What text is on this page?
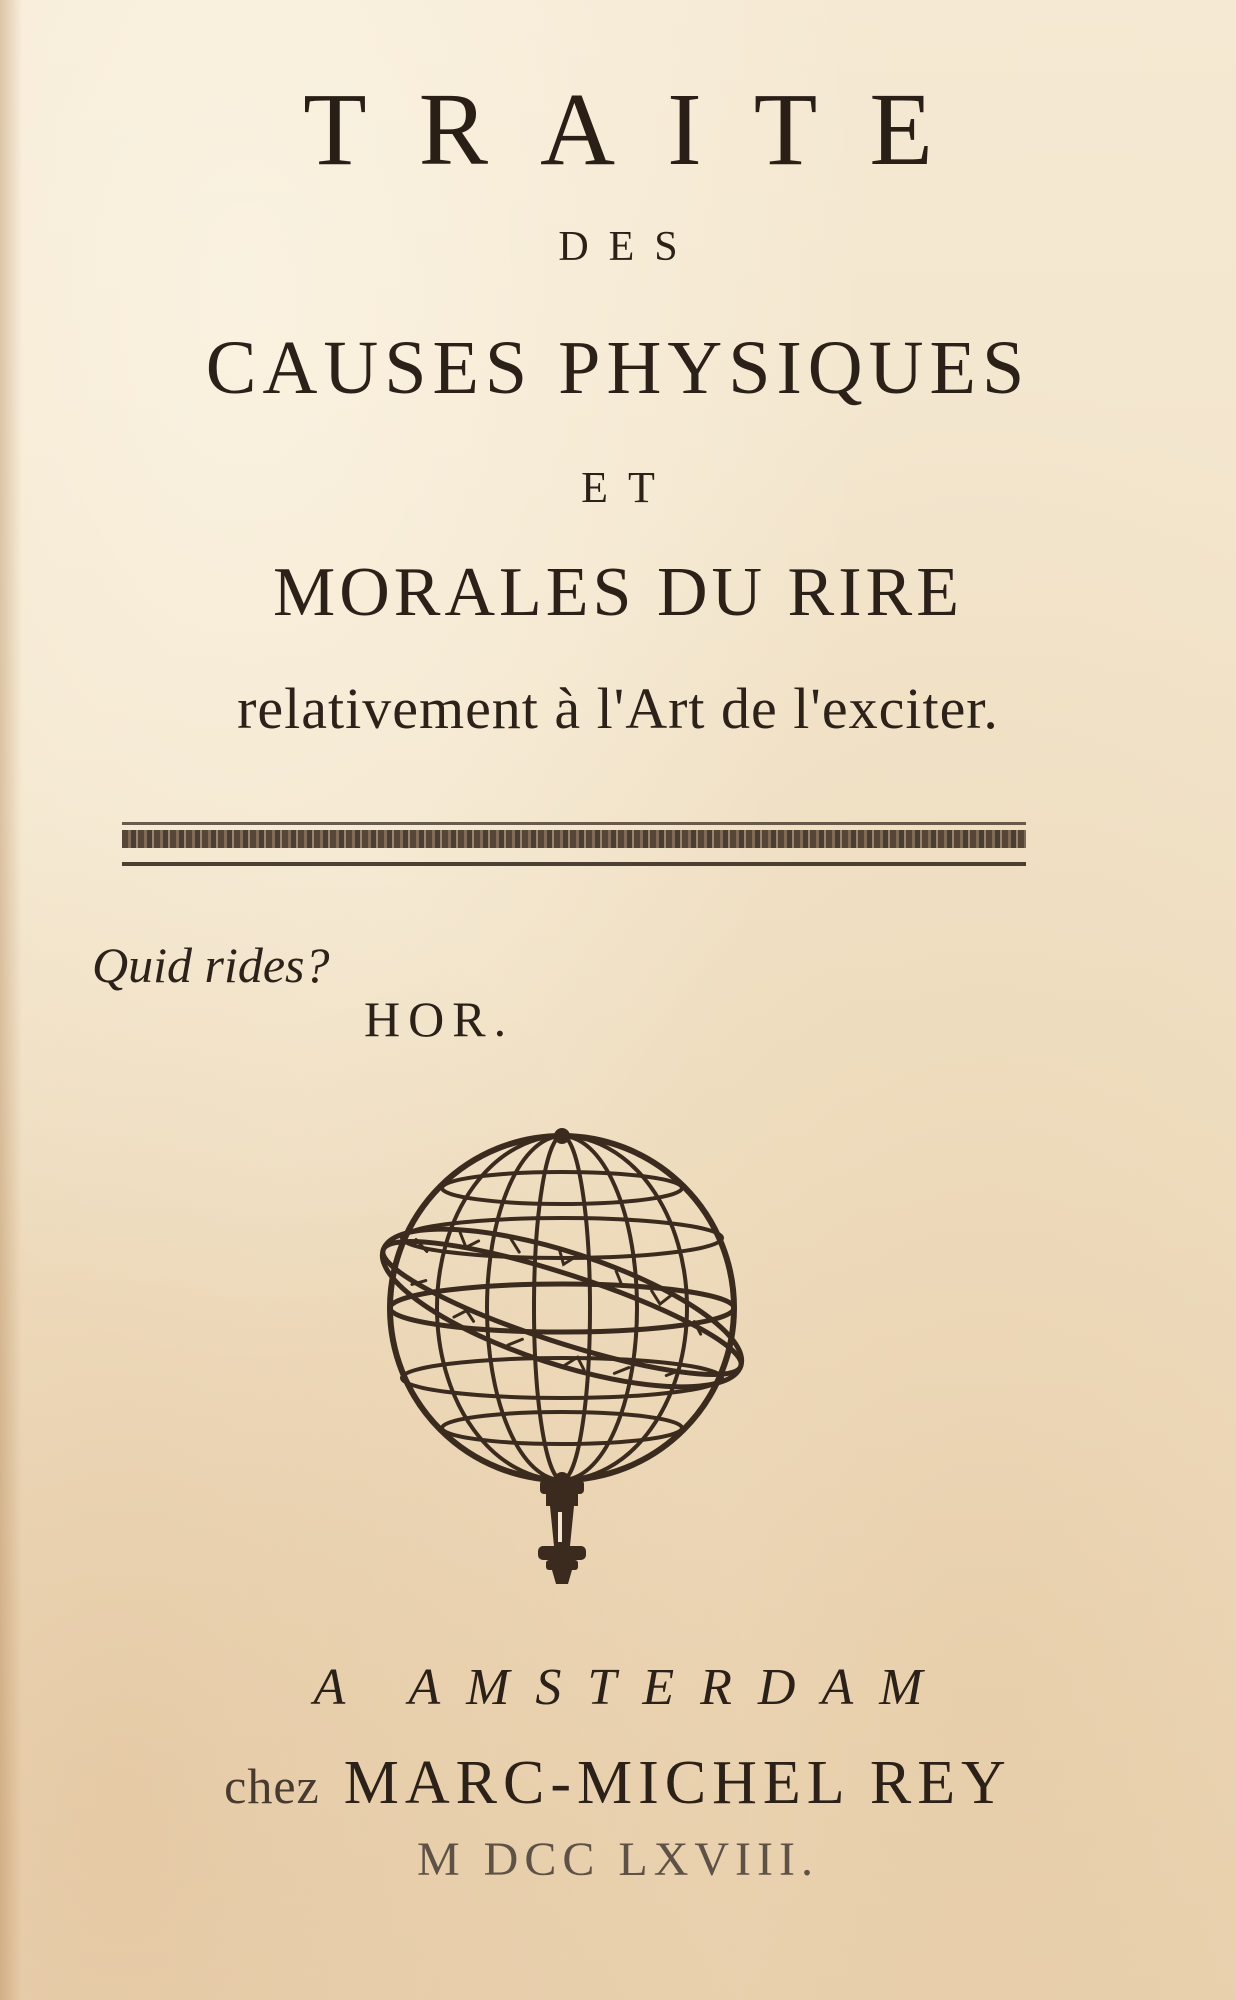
TRAITE
DES
CAUSES PHYSIQUES
ET
MORALES DU RIRE
relativement à l'Art de l'exciter.
Quid rides?
HOR.
A AMSTERDAM
chez MARC-MICHEL REY
M DCC LXVIII.
